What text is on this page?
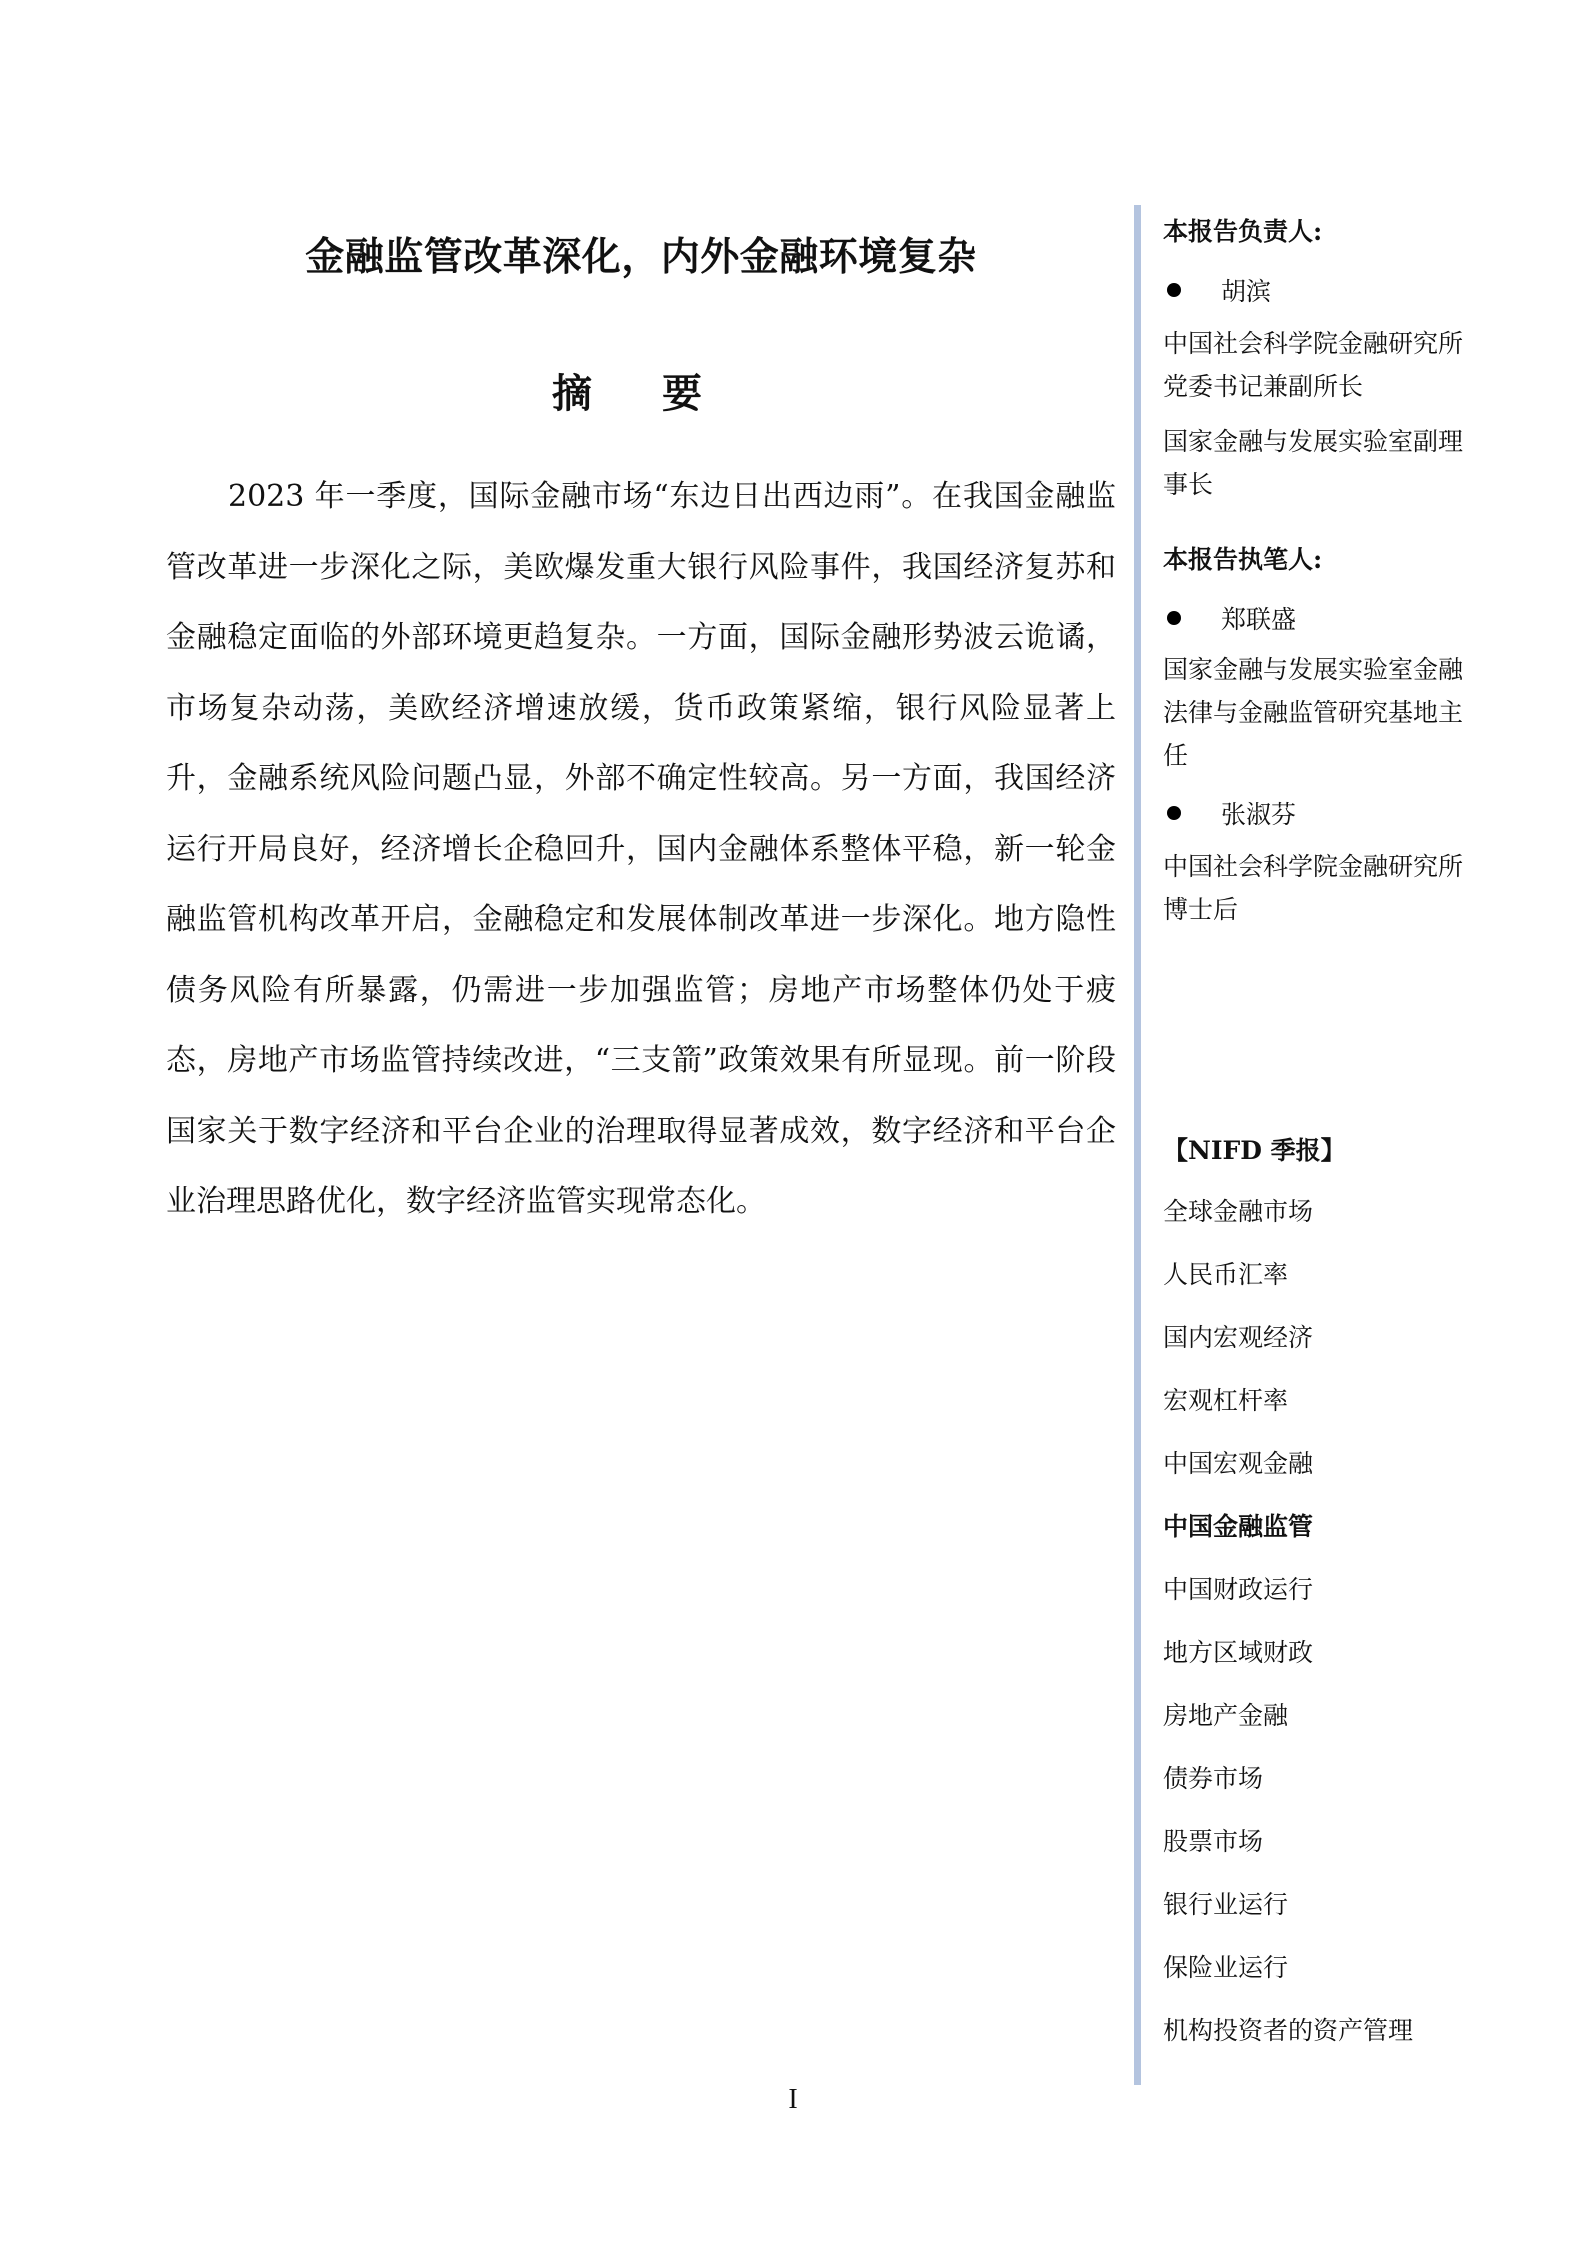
金融监管改革深化，内外金融环境复杂
摘 要

2023 年一季度，国际金融市场“东边日出西边雨”。在我国金融监管改革进一步深化之际，美欧爆发重大银行风险事件，我国经济复苏和金融稳定面临的外部环境更趋复杂。一方面，国际金融形势波云诡谲，市场复杂动荡，美欧经济增速放缓，货币政策紧缩，银行风险显著上升，金融系统风险问题凸显，外部不确定性较高。另一方面，我国经济运行开局良好，经济增长企稳回升，国内金融体系整体平稳，新一轮金融监管机构改革开启，金融稳定和发展体制改革进一步深化。地方隐性债务风险有所暴露，仍需进一步加强监管；房地产市场整体仍处于疲态，房地产市场监管持续改进，“三支箭”政策效果有所显现。前一阶段国家关于数字经济和平台企业的治理取得显著成效，数字经济和平台企业治理思路优化，数字经济监管实现常态化。

本报告负责人:
胡滨
中国社会科学院金融研究所党委书记兼副所长
国家金融与发展实验室副理事长
本报告执笔人:
郑联盛
国家金融与发展实验室金融法律与金融监管研究基地主任
张淑芬
中国社会科学院金融研究所博士后
【NIFD 季报】
全球金融市场
人民币汇率
国内宏观经济
宏观杠杆率
中国宏观金融
中国金融监管
中国财政运行
地方区域财政
房地产金融
债券市场
股票市场
银行业运行
保险业运行
机构投资者的资产管理
I
